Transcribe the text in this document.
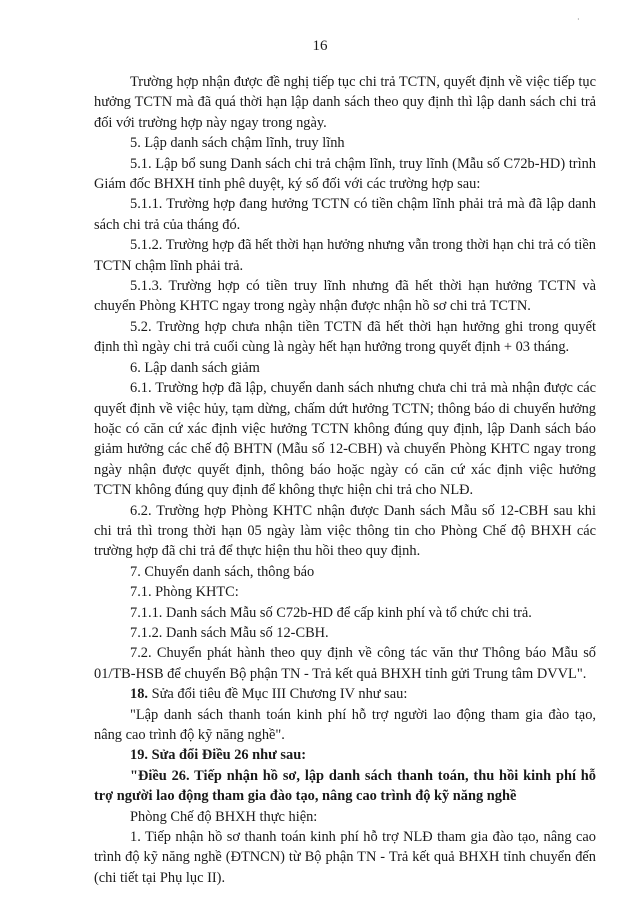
·
16

Trường hợp nhận được đề nghị tiếp tục chi trả TCTN, quyết định về việc tiếp tục hưởng TCTN mà đã quá thời hạn lập danh sách theo quy định thì lập danh sách chi trả đối với trường hợp này ngay trong ngày.

5. Lập danh sách chậm lĩnh, truy lĩnh

5.1. Lập bổ sung Danh sách chi trả chậm lĩnh, truy lĩnh (Mẫu số C72b-HD) trình Giám đốc BHXH tỉnh phê duyệt, ký số đối với các trường hợp sau:

5.1.1. Trường hợp đang hưởng TCTN có tiền chậm lĩnh phải trả mà đã lập danh sách chi trả của tháng đó.

5.1.2. Trường hợp đã hết thời hạn hưởng nhưng vẫn trong thời hạn chi trả có tiền TCTN chậm lĩnh phải trả.

5.1.3. Trường hợp có tiền truy lĩnh nhưng đã hết thời hạn hưởng TCTN và chuyển Phòng KHTC ngay trong ngày nhận được nhận hồ sơ chi trả TCTN.

5.2. Trường hợp chưa nhận tiền TCTN đã hết thời hạn hưởng ghi trong quyết định thì ngày chi trả cuối cùng là ngày hết hạn hưởng trong quyết định + 03 tháng.

6. Lập danh sách giảm

6.1. Trường hợp đã lập, chuyển danh sách nhưng chưa chi trả mà nhận được các quyết định về việc hủy, tạm dừng, chấm dứt hưởng TCTN; thông báo di chuyển hưởng hoặc có căn cứ xác định việc hưởng TCTN không đúng quy định, lập Danh sách báo giảm hưởng các chế độ BHTN (Mẫu số 12-CBH) và chuyển Phòng KHTC ngay trong ngày nhận được quyết định, thông báo hoặc ngày có căn cứ xác định việc hưởng TCTN không đúng quy định để không thực hiện chi trả cho NLĐ.

6.2. Trường hợp Phòng KHTC nhận được Danh sách Mẫu số 12-CBH sau khi chi trả thì trong thời hạn 05 ngày làm việc thông tin cho Phòng Chế độ BHXH các trường hợp đã chi trả để thực hiện thu hồi theo quy định.

7. Chuyển danh sách, thông báo

7.1. Phòng KHTC:

7.1.1. Danh sách Mẫu số C72b-HD để cấp kinh phí và tổ chức chi trả.

7.1.2. Danh sách Mẫu số 12-CBH.

7.2. Chuyển phát hành theo quy định về công tác văn thư Thông báo Mẫu số 01/TB-HSB để chuyển Bộ phận TN - Trả kết quả BHXH tỉnh gửi Trung tâm DVVL".

18. Sửa đổi tiêu đề Mục III Chương IV như sau:

"Lập danh sách thanh toán kinh phí hỗ trợ người lao động tham gia đào tạo, nâng cao trình độ kỹ năng nghề".

19. Sửa đổi Điều 26 như sau:

"Điều 26. Tiếp nhận hồ sơ, lập danh sách thanh toán, thu hồi kinh phí hỗ trợ người lao động tham gia đào tạo, nâng cao trình độ kỹ năng nghề

Phòng Chế độ BHXH thực hiện:

1. Tiếp nhận hồ sơ thanh toán kinh phí hỗ trợ NLĐ tham gia đào tạo, nâng cao trình độ kỹ năng nghề (ĐTNCN) từ Bộ phận TN - Trả kết quả BHXH tỉnh chuyển đến (chi tiết tại Phụ lục II).
